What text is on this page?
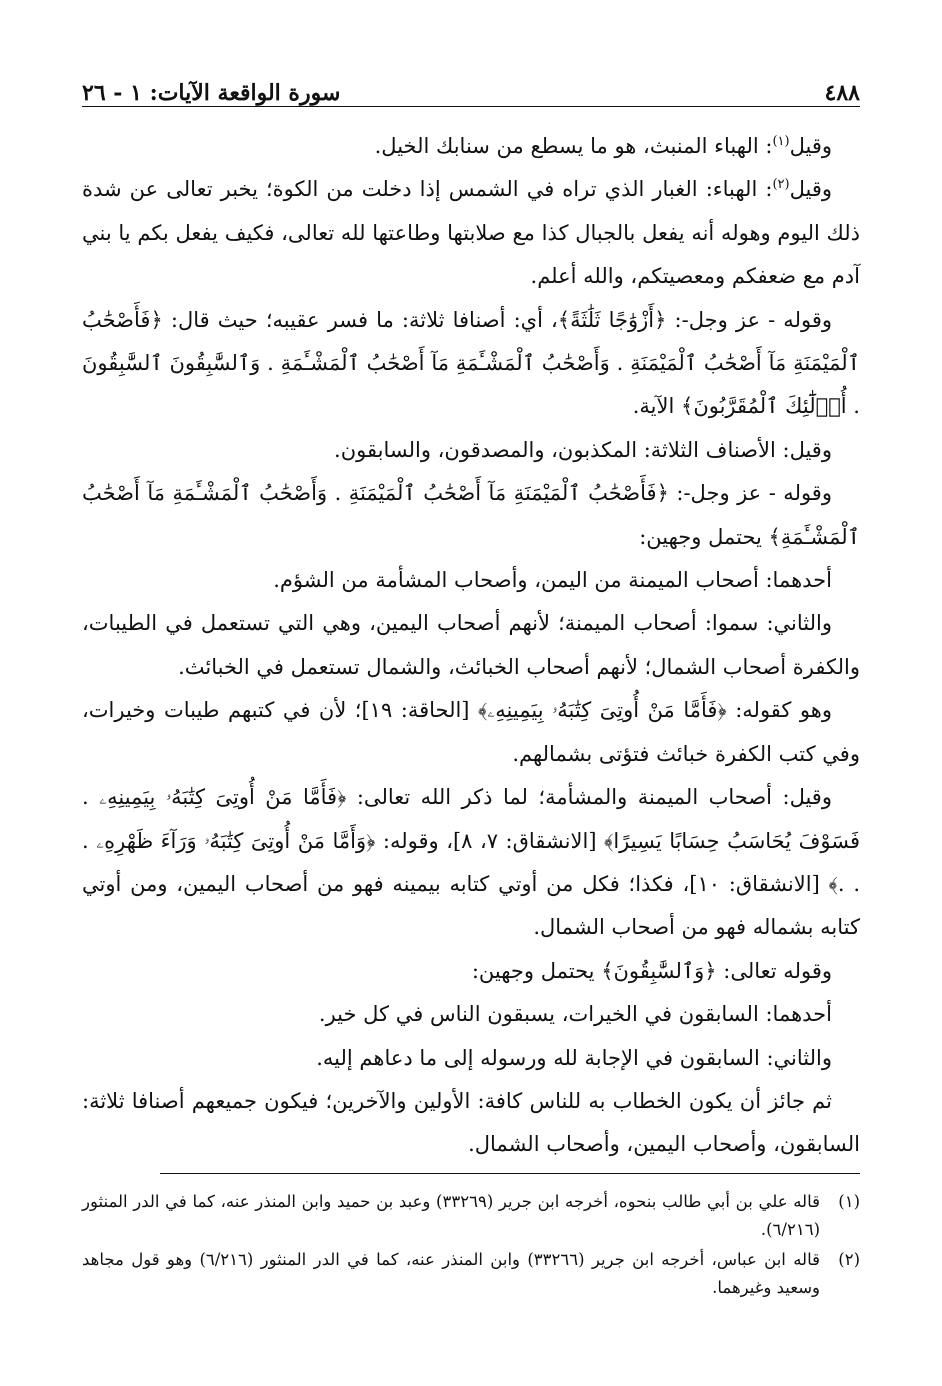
٤٨٨
سورة الواقعة الآيات: ١ - ٢٦

وقيل$^{(١)}$: الهباء المنبث، هو ما يسطع من سنابك الخيل.

وقيل$^{(٢)}$: الهباء: الغبار الذي تراه في الشمس إذا دخلت من الكوة؛ يخبر تعالى عن شدة ذلك اليوم وهوله أنه يفعل بالجبال كذا مع صلابتها وطاعتها لله تعالى، فكيف يفعل بكم يا بني آدم مع ضعفكم ومعصيتكم، والله أعلم.

وقوله - عز وجل-: ﴿أَزْوَٰجًا ثَلَٰثَةً﴾، أي: أصنافا ثلاثة: ما فسر عقيبه؛ حيث قال: ﴿فَأَصْحَٰبُ ٱلْمَيْمَنَةِ مَآ أَصْحَٰبُ ٱلْمَيْمَنَةِ . وَأَصْحَٰبُ ٱلْمَشْـَٔمَةِ مَآ أَصْحَٰبُ ٱلْمَشْـَٔمَةِ . وَٱلسَّٰبِقُونَ ٱلسَّٰبِقُونَ . أُو۟لَٰٓئِكَ ٱلْمُقَرَّبُونَ﴾ الآية.

وقيل: الأصناف الثلاثة: المكذبون، والمصدقون، والسابقون.

وقوله - عز وجل-: ﴿فَأَصْحَٰبُ ٱلْمَيْمَنَةِ مَآ أَصْحَٰبُ ٱلْمَيْمَنَةِ . وَأَصْحَٰبُ ٱلْمَشْـَٔمَةِ مَآ أَصْحَٰبُ ٱلْمَشْـَٔمَةِ﴾ يحتمل وجهين:

أحدهما: أصحاب الميمنة من اليمن، وأصحاب المشأمة من الشؤم.

والثاني: سموا: أصحاب الميمنة؛ لأنهم أصحاب اليمين، وهي التي تستعمل في الطيبات، والكفرة أصحاب الشمال؛ لأنهم أصحاب الخبائث، والشمال تستعمل في الخبائث.

وهو كقوله: ﴿فَأَمَّا مَنْ أُوتِىَ كِتَٰبَهُۥ بِيَمِينِهِۦ﴾ [الحاقة: ١٩]؛ لأن في كتبهم طيبات وخيرات، وفي كتب الكفرة خبائث فتؤتى بشمالهم.

وقيل: أصحاب الميمنة والمشأمة؛ لما ذكر الله تعالى: ﴿فَأَمَّا مَنْ أُوتِىَ كِتَٰبَهُۥ بِيَمِينِهِۦ . فَسَوْفَ يُحَاسَبُ حِسَابًا يَسِيرًا﴾ [الانشقاق: ٧، ٨]، وقوله: ﴿وَأَمَّا مَنْ أُوتِىَ كِتَٰبَهُۥ وَرَآءَ ظَهْرِهِۦ . . .﴾ [الانشقاق: ١٠]، فكذا؛ فكل من أوتي كتابه بيمينه فهو من أصحاب اليمين، ومن أوتي كتابه بشماله فهو من أصحاب الشمال.

وقوله تعالى: ﴿وَٱلسَّٰبِقُونَ﴾ يحتمل وجهين:

أحدهما: السابقون في الخيرات، يسبقون الناس في كل خير.

والثاني: السابقون في الإجابة لله ورسوله إلى ما دعاهم إليه.

ثم جائز أن يكون الخطاب به للناس كافة: الأولين والآخرين؛ فيكون جميعهم أصنافا ثلاثة: السابقون، وأصحاب اليمين، وأصحاب الشمال.

(١)
قاله علي بن أبي طالب بنحوه، أخرجه ابن جرير (٣٣٢٦٩) وعبد بن حميد وابن المنذر عنه، كما في الدر المنثور (٦/٢١٦).
(٢)
قاله ابن عباس، أخرجه ابن جرير (٣٣٢٦٦) وابن المنذر عنه، كما في الدر المنثور (٦/٢١٦) وهو قول مجاهد وسعيد وغيرهما.
